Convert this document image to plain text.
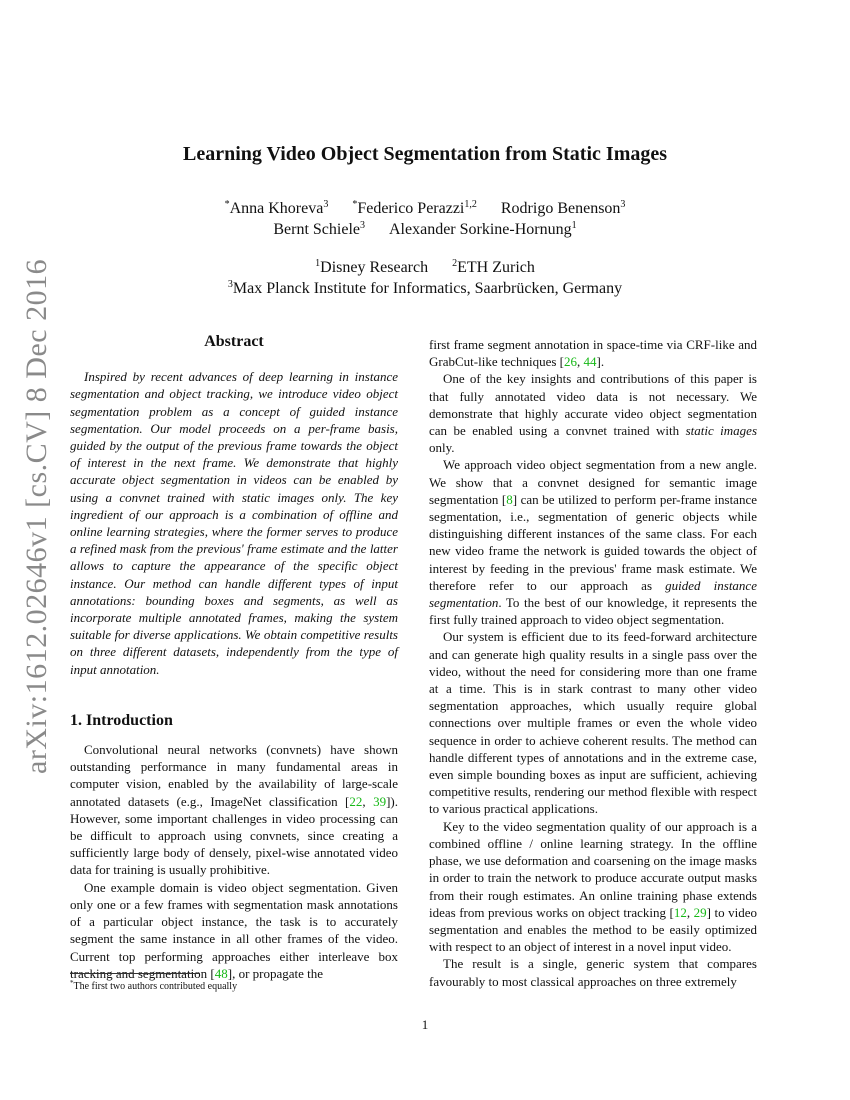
arXiv:1612.02646v1 [cs.CV] 8 Dec 2016
Learning Video Object Segmentation from Static Images
*Anna Khoreva$^3$ *Federico Perazzi$^{1,2}$ Rodrigo Benenson$^3$
Bernt Schiele$^3$ Alexander Sorkine-Hornung$^1$
$^1$Disney Research $^2$ETH Zurich
$^3$Max Planck Institute for Informatics, Saarbrücken, Germany
Abstract

Inspired by recent advances of deep learning in instance segmentation and object tracking, we introduce video object segmentation problem as a concept of guided instance segmentation. Our model proceeds on a per-frame basis, guided by the output of the previous frame towards the object of interest in the next frame. We demonstrate that highly accurate object segmentation in videos can be enabled by using a convnet trained with static images only. The key ingredient of our approach is a combination of offline and online learning strategies, where the former serves to produce a refined mask from the previous' frame estimate and the latter allows to capture the appearance of the specific object instance. Our method can handle different types of input annotations: bounding boxes and segments, as well as incorporate multiple annotated frames, making the system suitable for diverse applications. We obtain competitive results on three different datasets, independently from the type of input annotation.

1. Introduction

Convolutional neural networks (convnets) have shown outstanding performance in many fundamental areas in computer vision, enabled by the availability of large-scale annotated datasets (e.g., ImageNet classification [22, 39]). However, some important challenges in video processing can be difficult to approach using convnets, since creating a sufficiently large body of densely, pixel-wise annotated video data for training is usually prohibitive.

One example domain is video object segmentation. Given only one or a few frames with segmentation mask annotations of a particular object instance, the task is to accurately segment the same instance in all other frames of the video. Current top performing approaches either interleave box tracking and segmentation [48], or propagate the

first frame segment annotation in space-time via CRF-like and GrabCut-like techniques [26, 44].

One of the key insights and contributions of this paper is that fully annotated video data is not necessary. We demonstrate that highly accurate video object segmentation can be enabled using a convnet trained with static images only.

We approach video object segmentation from a new angle. We show that a convnet designed for semantic image segmentation [8] can be utilized to perform per-frame instance segmentation, i.e., segmentation of generic objects while distinguishing different instances of the same class. For each new video frame the network is guided towards the object of interest by feeding in the previous' frame mask estimate. We therefore refer to our approach as guided instance segmentation. To the best of our knowledge, it represents the first fully trained approach to video object segmentation.

Our system is efficient due to its feed-forward architecture and can generate high quality results in a single pass over the video, without the need for considering more than one frame at a time. This is in stark contrast to many other video segmentation approaches, which usually require global connections over multiple frames or even the whole video sequence in order to achieve coherent results. The method can handle different types of annotations and in the extreme case, even simple bounding boxes as input are sufficient, achieving competitive results, rendering our method flexible with respect to various practical applications.

Key to the video segmentation quality of our approach is a combined offline / online learning strategy. In the offline phase, we use deformation and coarsening on the image masks in order to train the network to produce accurate output masks from their rough estimates. An online training phase extends ideas from previous works on object tracking [12, 29] to video segmentation and enables the method to be easily optimized with respect to an object of interest in a novel input video.

The result is a single, generic system that compares favourably to most classical approaches on three extremely

*The first two authors contributed equally
1
